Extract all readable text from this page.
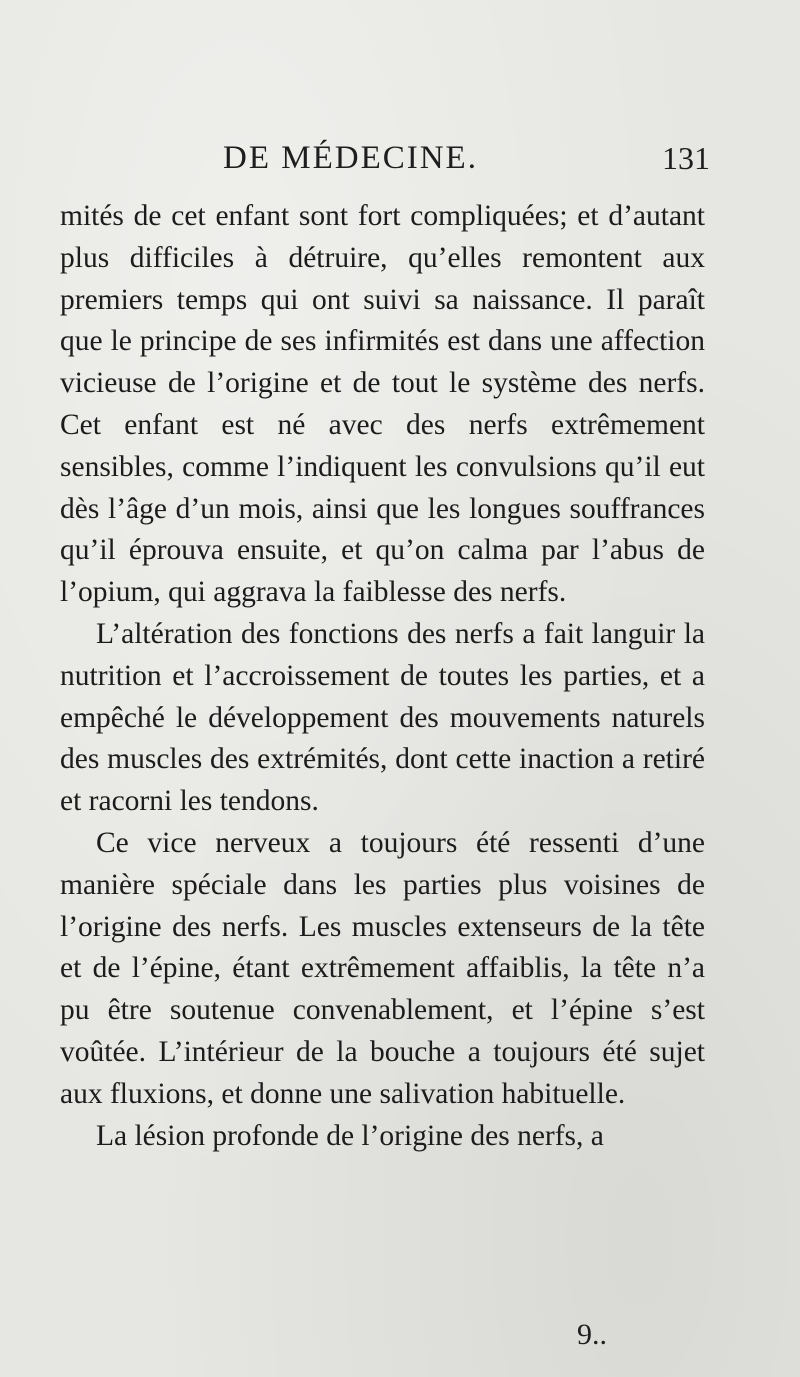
DE MÉDECINE.	131

mités de cet enfant sont fort compliquées; et d’autant plus difficiles à détruire, qu’elles remontent aux premiers temps qui ont suivi sa naissance. Il paraît que le principe de ses infirmités est dans une affection vicieuse de l’origine et de tout le système des nerfs. Cet enfant est né avec des nerfs extrêmement sensibles, comme l’indiquent les convulsions qu’il eut dès l’âge d’un mois, ainsi que les longues souffrances qu’il éprouva ensuite, et qu’on calma par l’abus de l’opium, qui aggrava la faiblesse des nerfs.

L’altération des fonctions des nerfs a fait languir la nutrition et l’accroissement de toutes les parties, et a empêché le développement des mouvements naturels des muscles des extrémités, dont cette inaction a retiré et racorni les tendons.

Ce vice nerveux a toujours été ressenti d’une manière spéciale dans les parties plus voisines de l’origine des nerfs. Les muscles extenseurs de la tête et de l’épine, étant extrêmement affaiblis, la tête n’a pu être soutenue convenablement, et l’épine s’est voûtée. L’intérieur de la bouche a toujours été sujet aux fluxions, et donne une salivation habituelle.

La lésion profonde de l’origine des nerfs, a

9..
